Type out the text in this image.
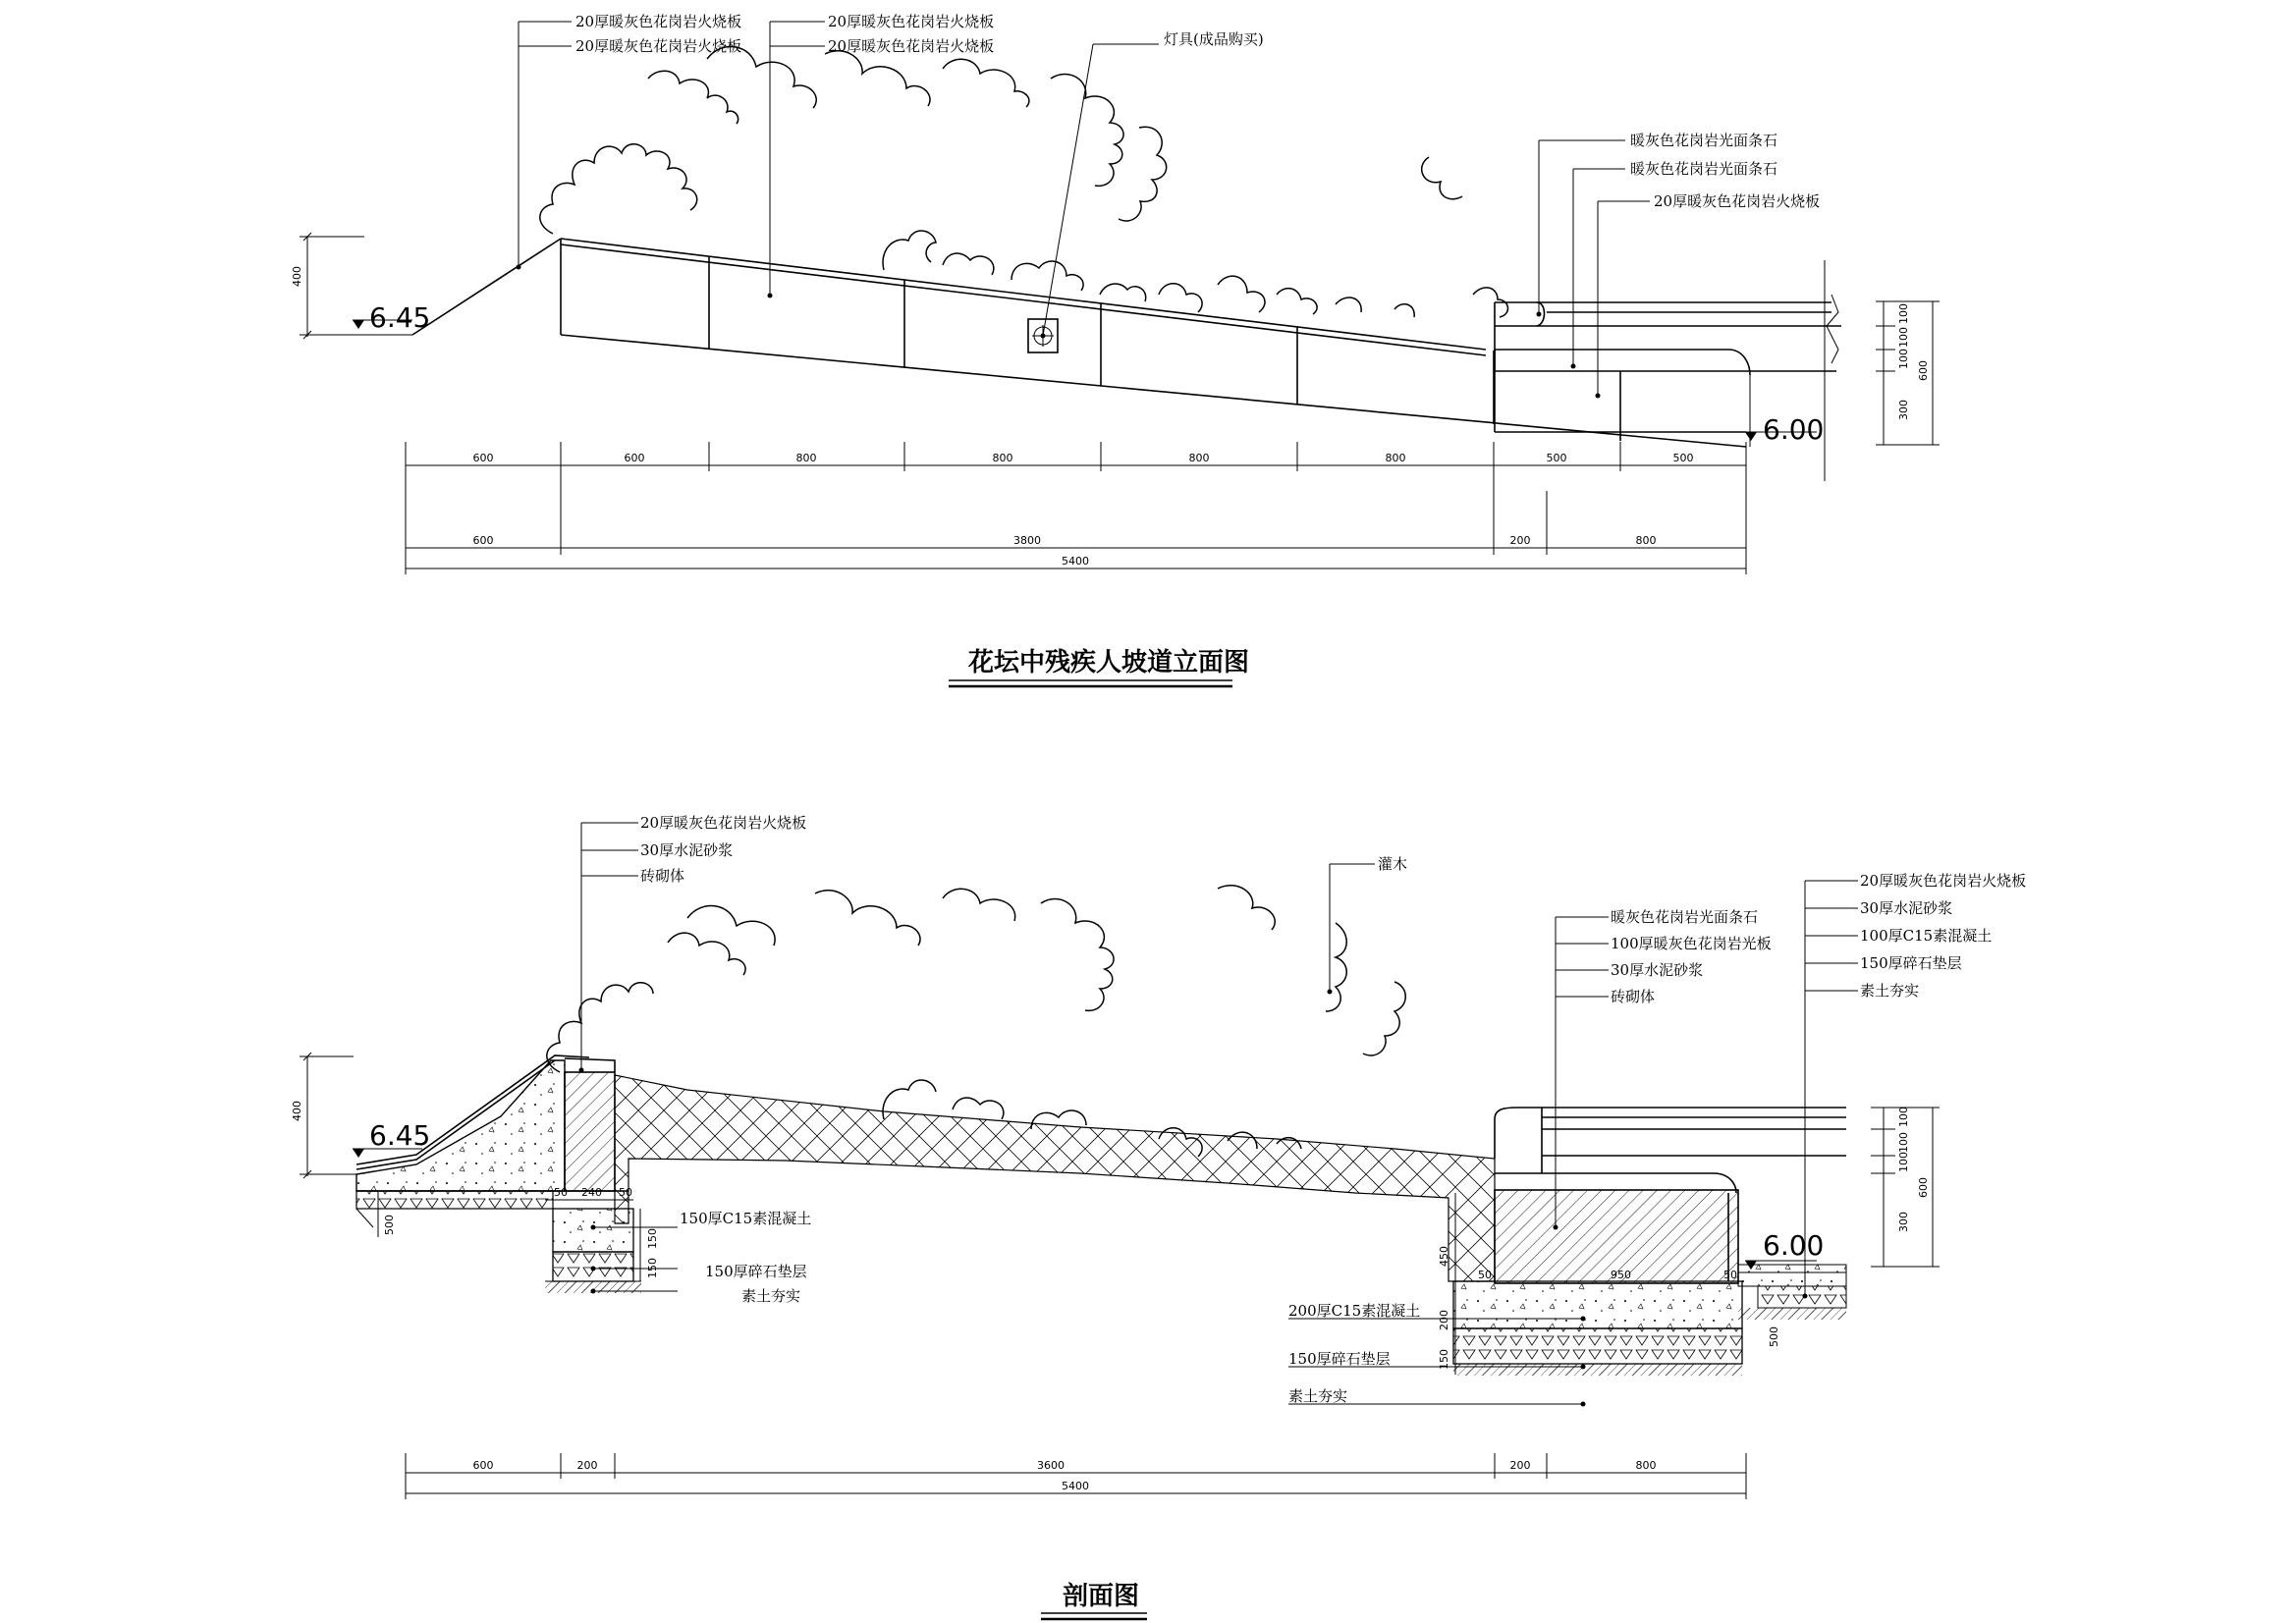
6.45
6.00
400
100
100
100
300
600
600	600	800	800	800	800	500	500
600	3800	200	800
5400
20厚暖灰色花岗岩火烧板
20厚暖灰色花岗岩火烧板
20厚暖灰色花岗岩火烧板
20厚暖灰色花岗岩火烧板	灯具(成品购买)
暖灰色花岗岩光面条石
暖灰色花岗岩光面条石
20厚暖灰色花岗岩火烧板
花坛中残疾人坡道立面图
6.45
6.00
400	100
100
100
300
600
50 240 50
150
150
500
50	950	50
450
200
150
500
600	200	3600	200	800
5400
20厚暖灰色花岗岩火烧板
30厚水泥砂浆
砖砌体
灌木
暖灰色花岗岩光面条石
100厚暖灰色花岗岩光板
30厚水泥砂浆
砖砌体
20厚暖灰色花岗岩火烧板
30厚水泥砂浆
100厚C15素混凝土
150厚碎石垫层
素土夯实
150厚C15素混凝土
150厚碎石垫层
素土夯实
200厚C15素混凝土
150厚碎石垫层
素土夯实
剖面图
